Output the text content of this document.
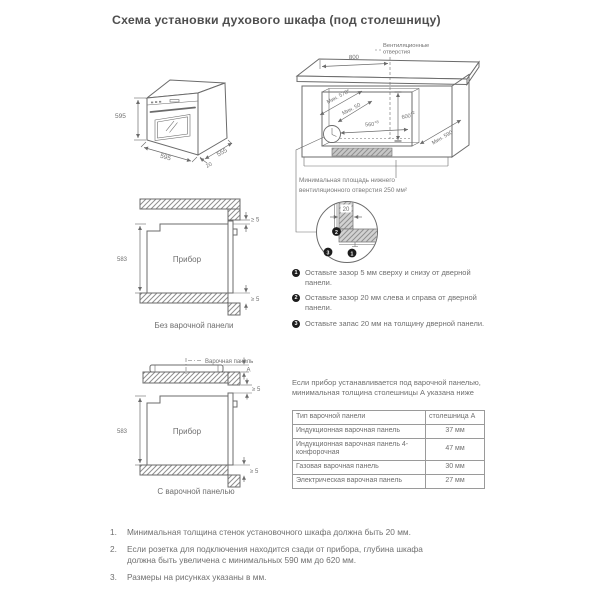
Схема установки духового шкафа (под столешницу)
595
595	555
20
Вентиляционные
отверстия
800
Мин. 570*
Мин. 50
$560^{+8}$
$600^{+2}$
Мин. 590
Минимальная площадь нижнего
вентиляционного отверстия 250 мм²
20
2
3	1
1 Оставьте зазор 5 мм сверху и снизу от дверной панели.
2 Оставьте зазор 20 мм слева и справа от дверной панели.
3 Оставьте запас 20 мм на толщину дверной панели.
Прибор
583
≥ 5
≥ 5
Без варочной панели
Варочная панель
A
≥ 5
Прибор
583
≥ 5
С варочной панелью
Если прибор устанавливается под варочной панелью, минимальная толщина столешницы А указана ниже
Тип варочной панели	столешница А
Индукционная варочная панель	37 мм
Индукционная варочная панель 4-конфорочная	47 мм
Газовая варочная панель	30 мм
Электрическая варочная панель	27 мм
1.	Минимальная толщина стенок установочного шкафа должна быть 20 мм.
2.	Если розетка для подключения находится сзади от прибора, глубина шкафа должна быть увеличена с минимальных 590 мм до 620 мм.
3.	Размеры на рисунках указаны в мм.
